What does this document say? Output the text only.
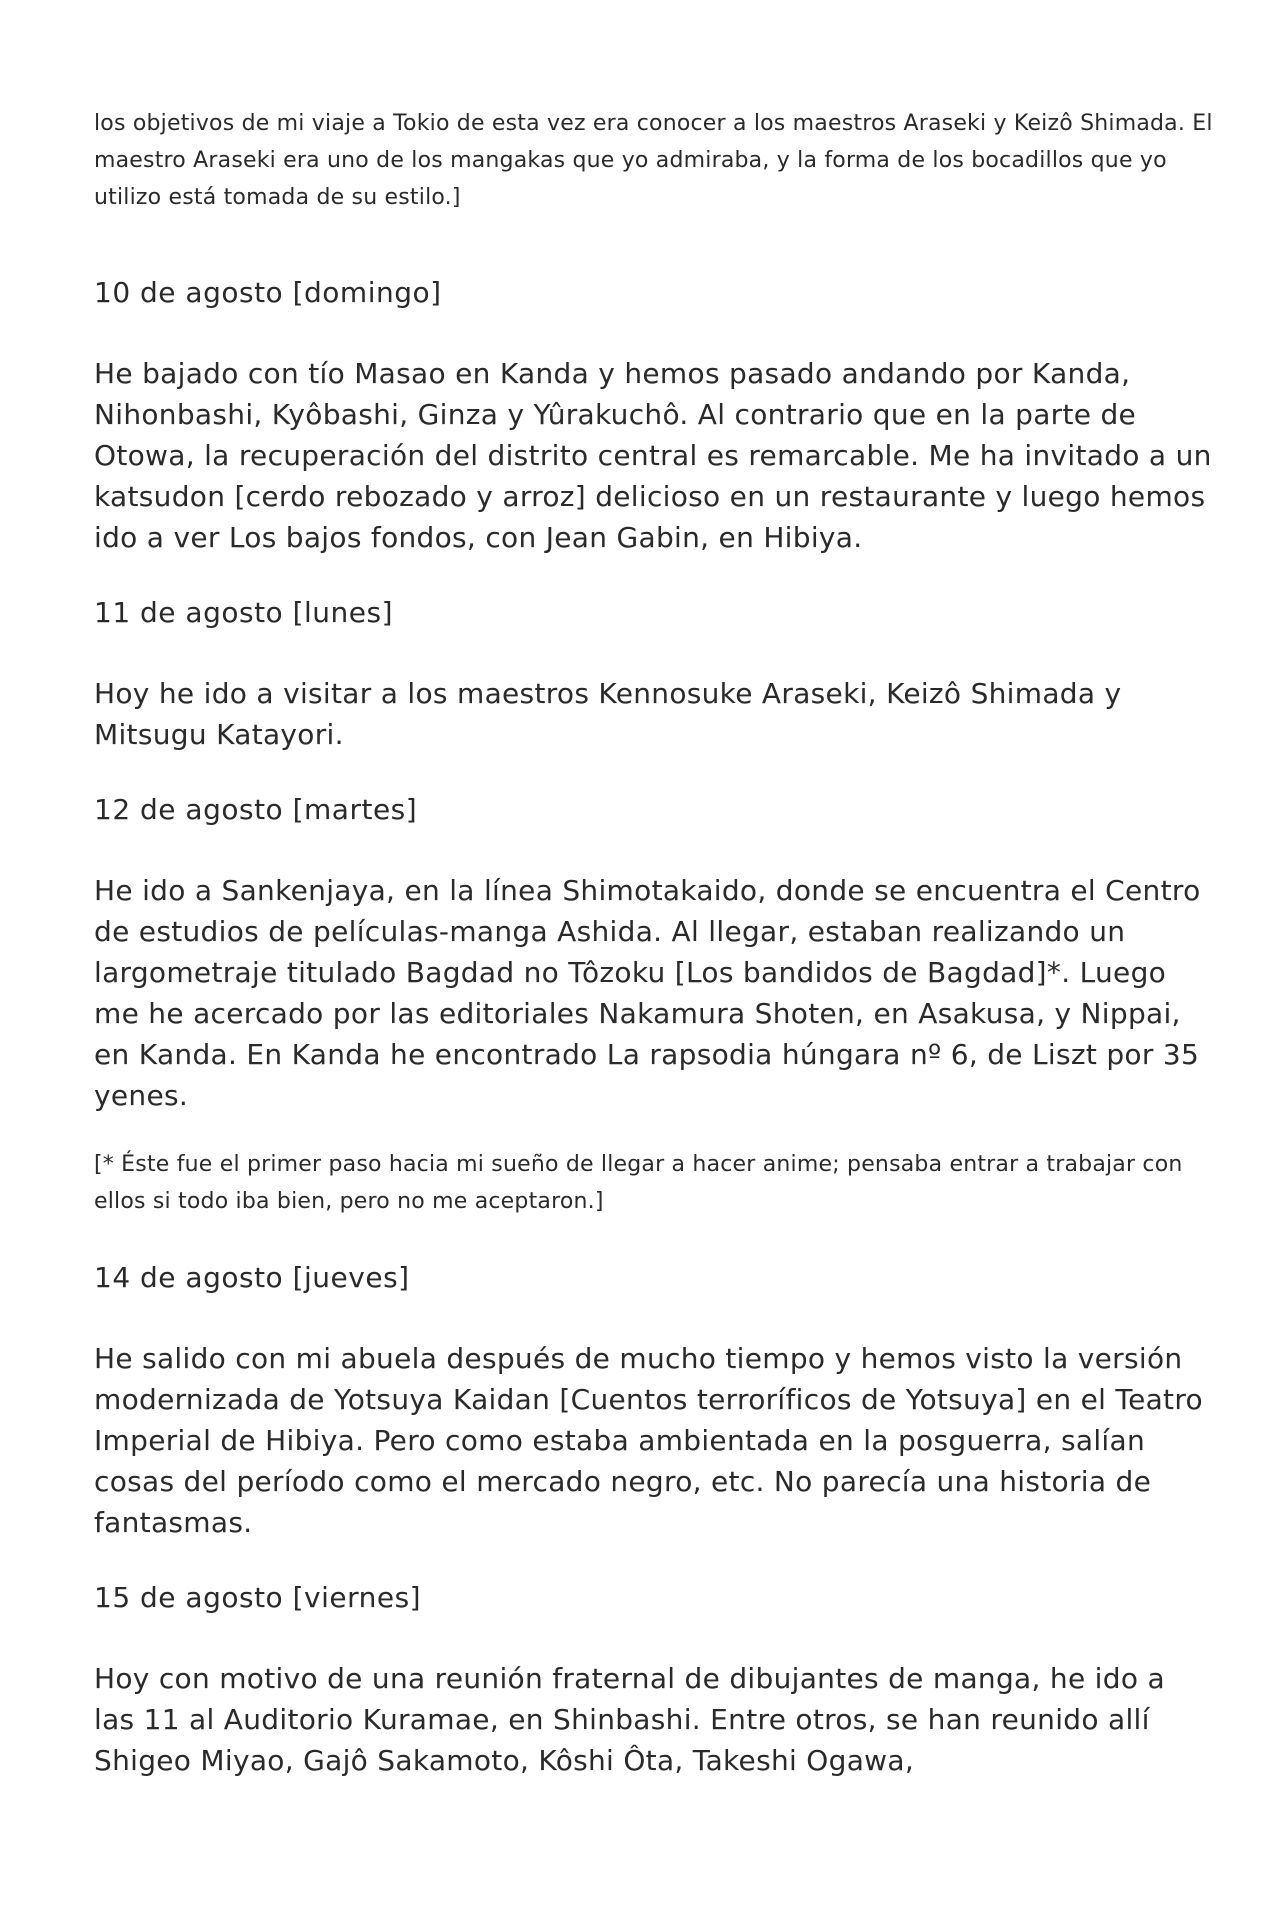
los objetivos de mi viaje a Tokio de esta vez era conocer a los maestros Araseki y Keizô Shimada. El maestro Araseki era uno de los mangakas que yo admiraba, y la forma de los bocadillos que yo utilizo está tomada de su estilo.]

10 de agosto [domingo]

He bajado con tío Masao en Kanda y hemos pasado andando por Kanda, Nihonbashi, Kyôbashi, Ginza y Yûrakuchô. Al contrario que en la parte de Otowa, la recuperación del distrito central es remarcable. Me ha invitado a un katsudon [cerdo rebozado y arroz] delicioso en un restaurante y luego hemos ido a ver Los bajos fondos, con Jean Gabin, en Hibiya.

11 de agosto [lunes]

Hoy he ido a visitar a los maestros Kennosuke Araseki, Keizô Shimada y Mitsugu Katayori.

12 de agosto [martes]

He ido a Sankenjaya, en la línea Shimotakaido, donde se encuentra el Centro de estudios de películas-manga Ashida. Al llegar, estaban realizando un largometraje titulado Bagdad no Tôzoku [Los bandidos de Bagdad]*. Luego me he acercado por las editoriales Nakamura Shoten, en Asakusa, y Nippai, en Kanda. En Kanda he encontrado La rapsodia húngara nº 6, de Liszt por 35 yenes.

[* Éste fue el primer paso hacia mi sueño de llegar a hacer anime; pensaba entrar a trabajar con ellos si todo iba bien, pero no me aceptaron.]

14 de agosto [jueves]

He salido con mi abuela después de mucho tiempo y hemos visto la versión modernizada de Yotsuya Kaidan [Cuentos terroríficos de Yotsuya] en el Teatro Imperial de Hibiya. Pero como estaba ambientada en la posguerra, salían cosas del período como el mercado negro, etc. No parecía una historia de fantasmas.

15 de agosto [viernes]

Hoy con motivo de una reunión fraternal de dibujantes de manga, he ido a las 11 al Auditorio Kuramae, en Shinbashi. Entre otros, se han reunido allí Shigeo Miyao, Gajô Sakamoto, Kôshi Ôta, Takeshi Ogawa,
